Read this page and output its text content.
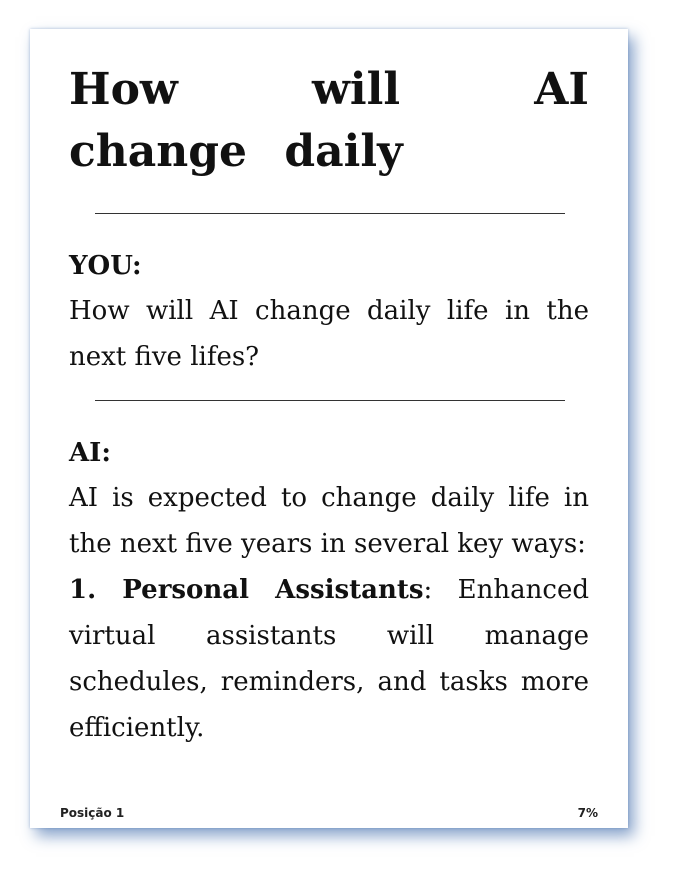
How will AI change daily

YOU:

How will AI change daily life in the next five lifes?

AI:

AI is expected to change daily life in the next five years in several key ways:

1. Personal Assistants: Enhanced virtual assistants will manage schedules, reminders, and tasks more efficiently.

Posição 1	7%
